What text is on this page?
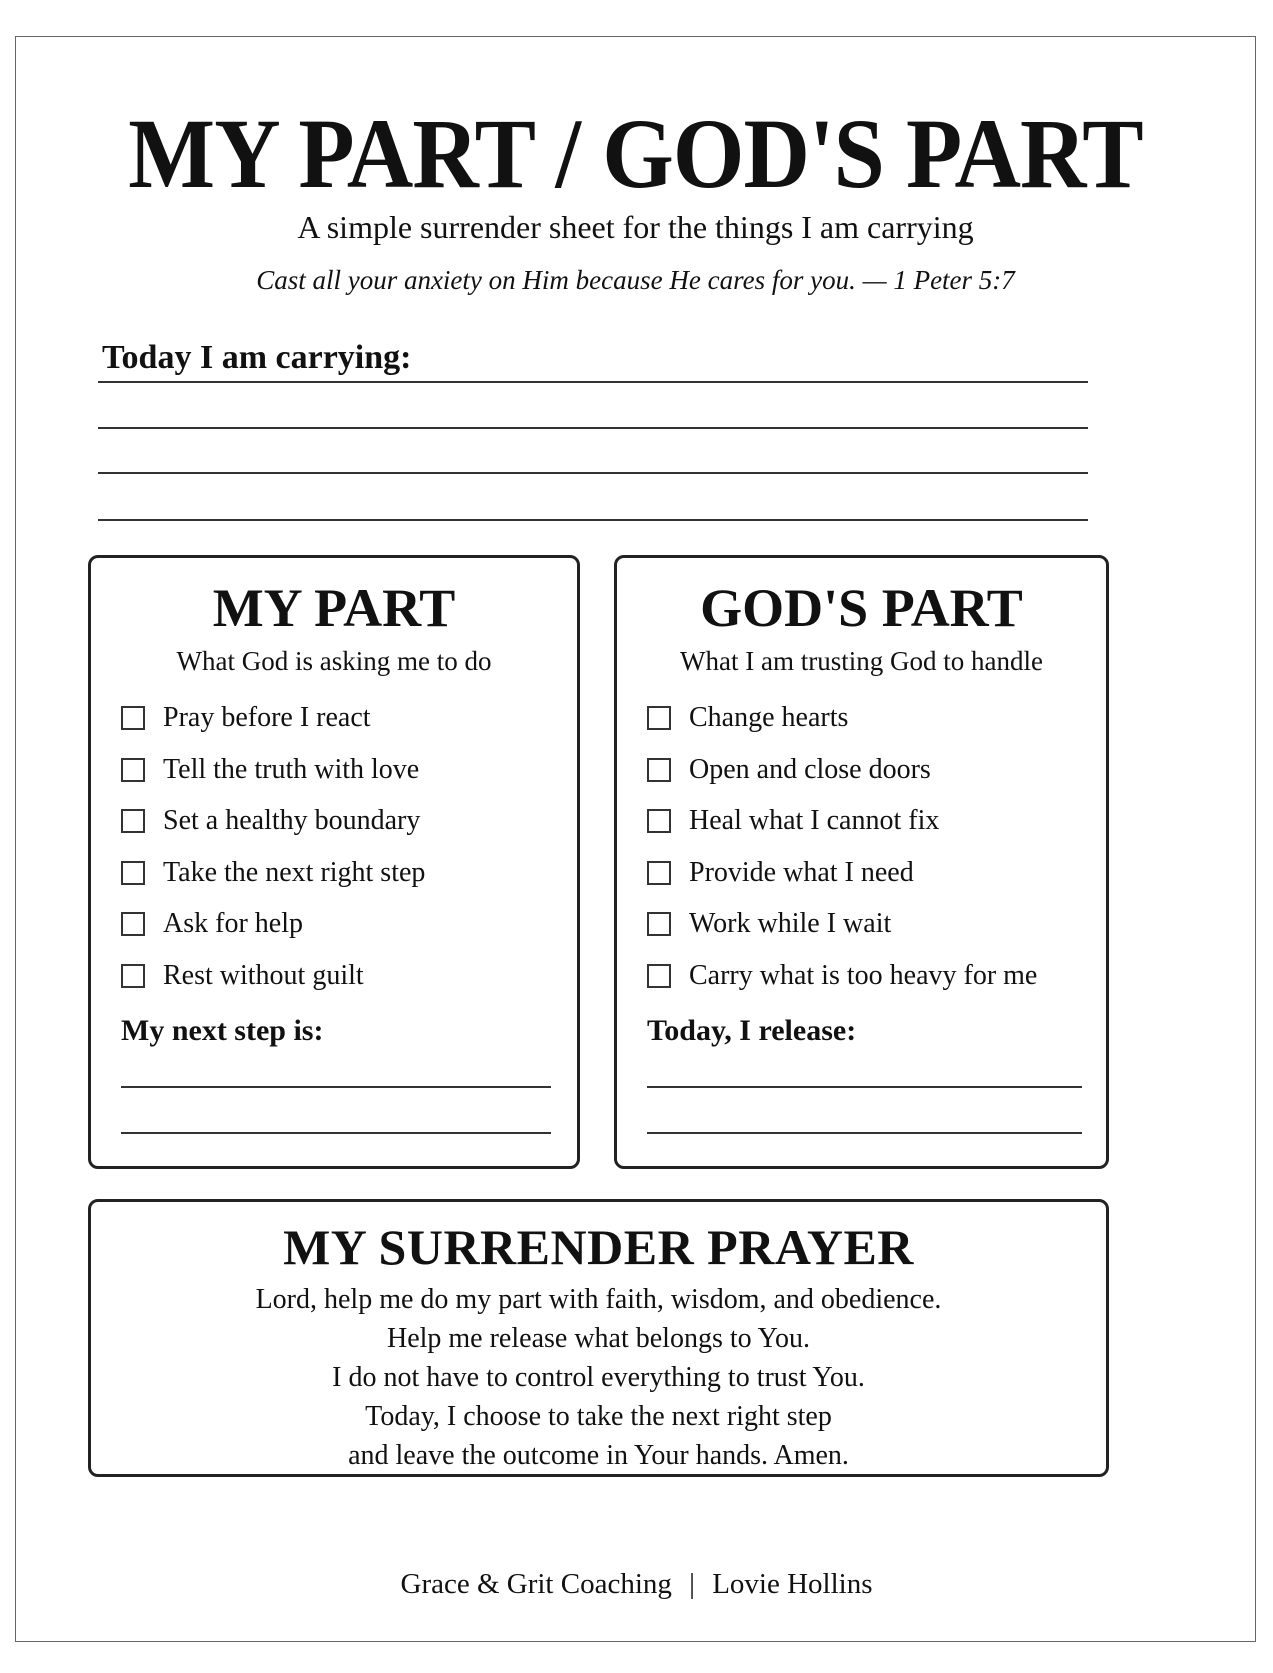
MY PART / GOD'S PART
A simple surrender sheet for the things I am carrying
Cast all your anxiety on Him because He cares for you. — 1 Peter 5:7
Today I am carrying:
MY PART
What God is asking me to do
Pray before I react
Tell the truth with love
Set a healthy boundary
Take the next right step
Ask for help
Rest without guilt
My next step is:
GOD'S PART
What I am trusting God to handle
Change hearts
Open and close doors
Heal what I cannot fix
Provide what I need
Work while I wait
Carry what is too heavy for me
Today, I release:
MY SURRENDER PRAYER
Lord, help me do my part with faith, wisdom, and obedience.
Help me release what belongs to You.
I do not have to control everything to trust You.
Today, I choose to take the next right step
and leave the outcome in Your hands. Amen.
Grace & Grit Coaching | Lovie Hollins
